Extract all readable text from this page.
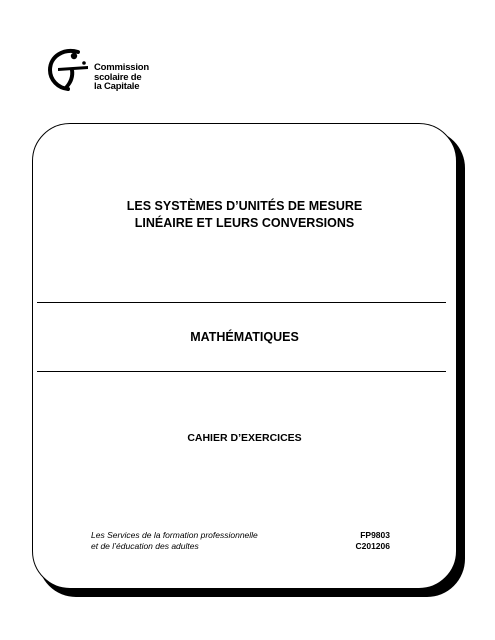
Commission
scolaire de
la Capitale
LES SYSTÈMES D’UNITÉS DE MESURE
LINÉAIRE ET LEURS CONVERSIONS
MATHÉMATIQUES
CAHIER D’EXERCICES
Les Services de la formation professionnelle
et de l’éducation des adultes
FP9803
C201206
